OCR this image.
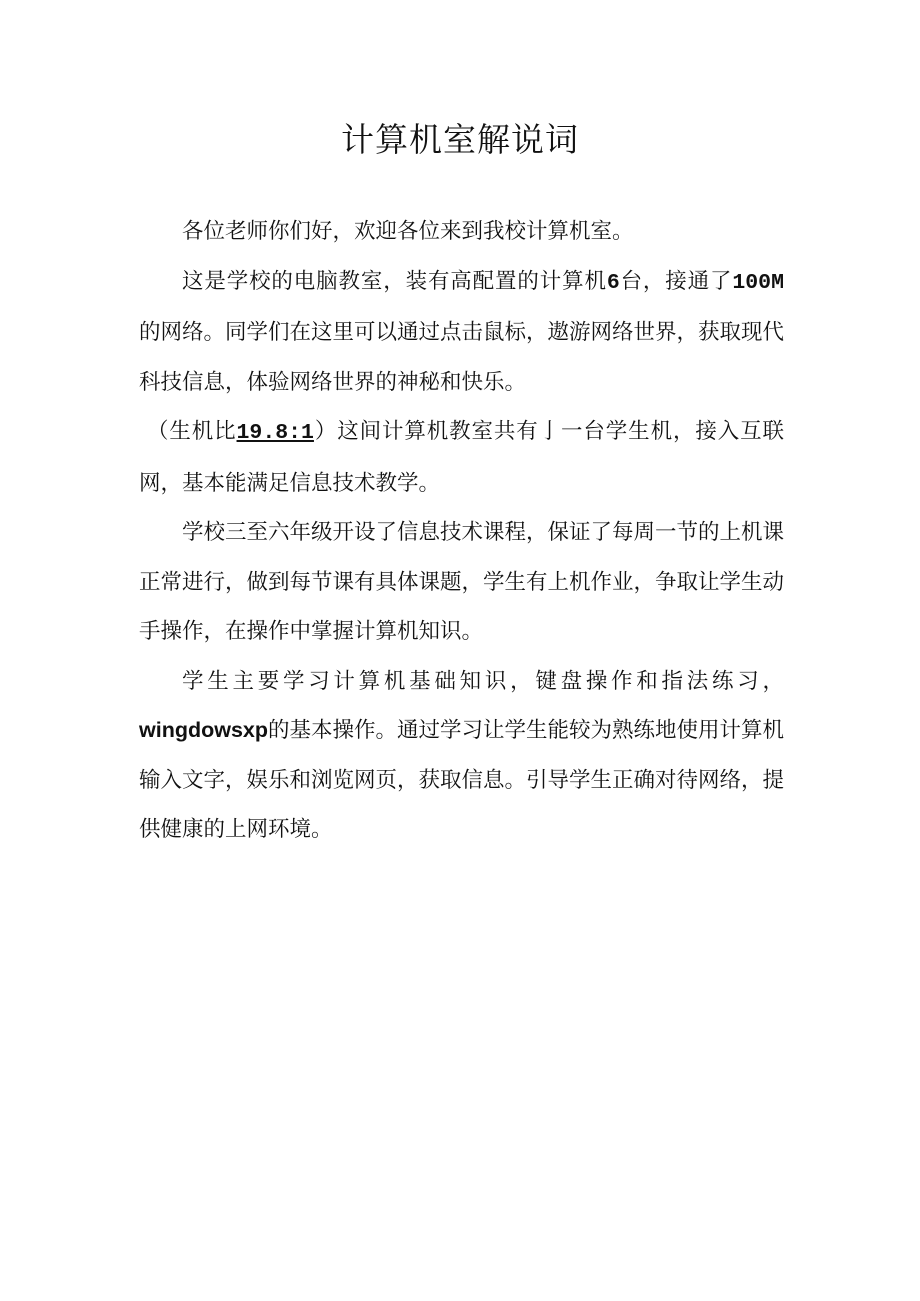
计算机室解说词

各位老师你们好，欢迎各位来到我校计算机室。

这是学校的电脑教室，装有高配置的计算机6台，接通了100M的网络。同学们在这里可以通过点击鼠标，遨游网络世界，获取现代科技信息，体验网络世界的神秘和快乐。

（生机比19.8:1）这间计算机教室共有亅一台学生机，接入互联网，基本能满足信息技术教学。

学校三至六年级开设了信息技术课程，保证了每周一节的上机课正常进行，做到每节课有具体课题，学生有上机作业，争取让学生动手操作，在操作中掌握计算机知识。

学生主要学习计算机基础知识，键盘操作和指法练习，wingdowsxp的基本操作。通过学习让学生能较为熟练地使用计算机输入文字，娱乐和浏览网页，获取信息。引导学生正确对待网络，提供健康的上网环境。
